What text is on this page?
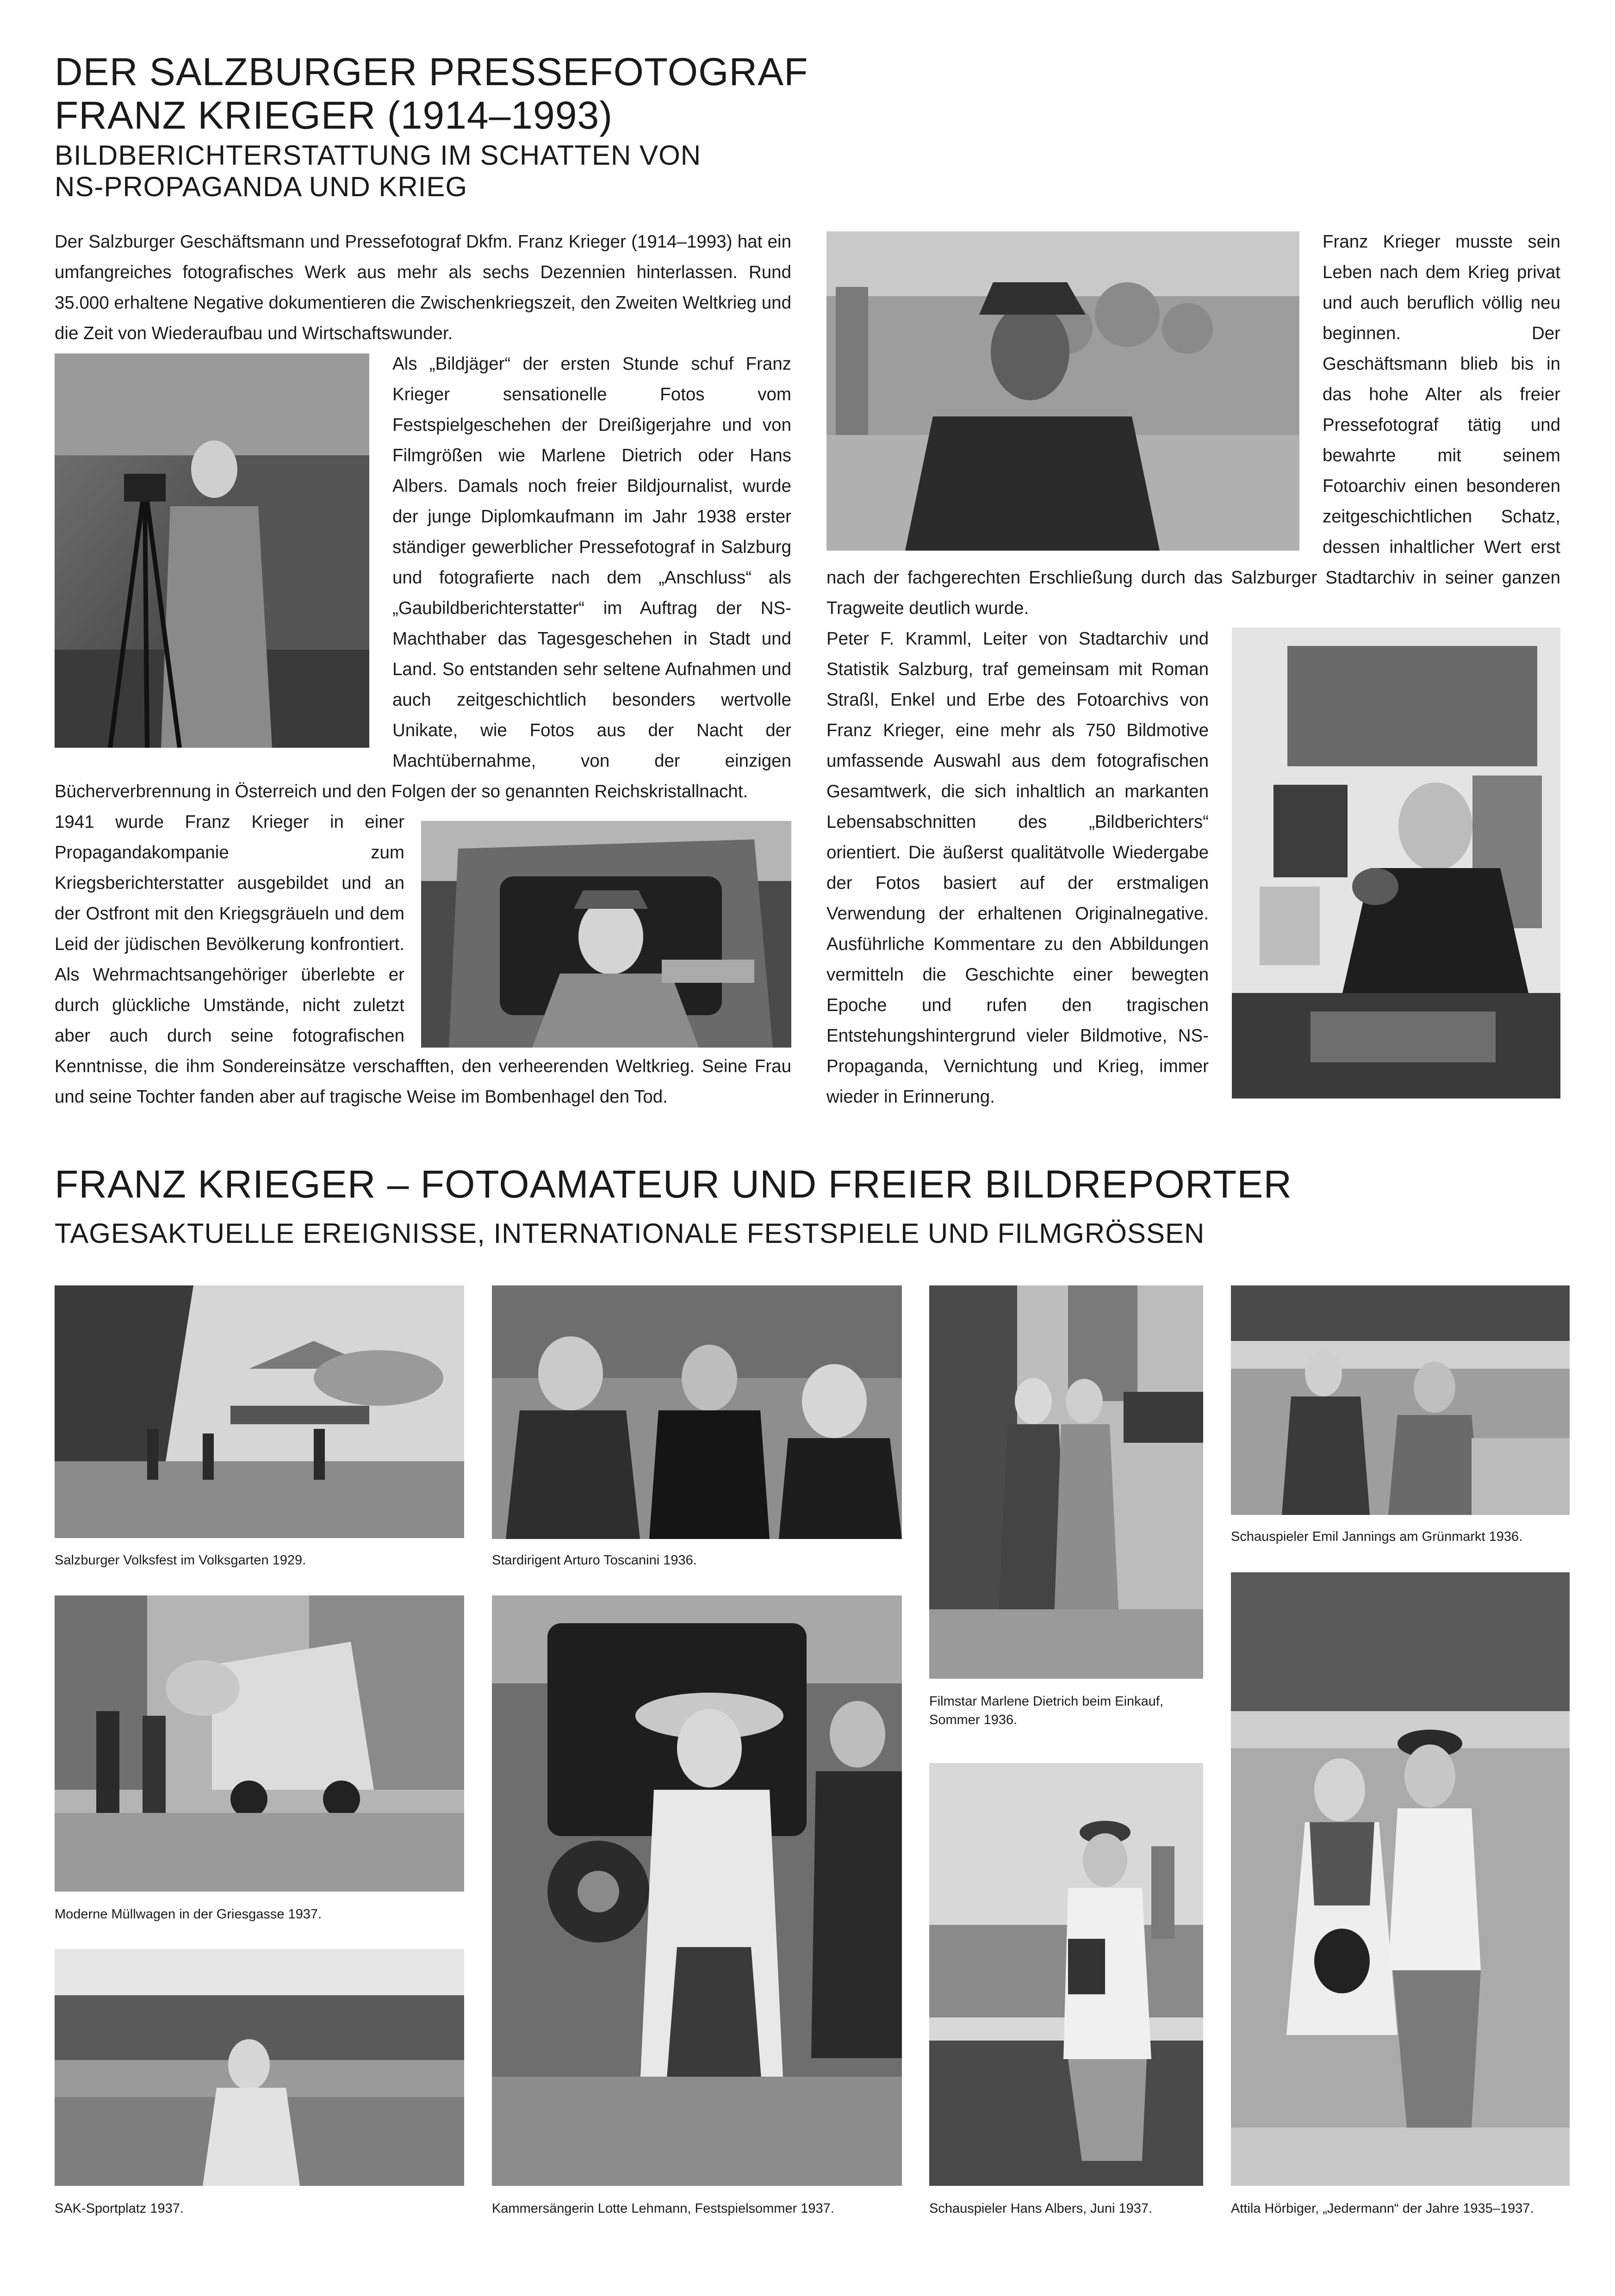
DER SALZBURGER PRESSEFOTOGRAF
FRANZ KRIEGER (1914–1993)
BILDBERICHTERSTATTUNG IM SCHATTEN VON
NS-PROPAGANDA UND KRIEG
Der Salzburger Geschäftsmann und Pressefotograf Dkfm. Franz Krieger (1914–1993) hat ein umfangreiches fotografisches Werk aus mehr als sechs Dezennien hinterlassen. Rund 35.000 erhaltene Negative dokumentieren die Zwischenkriegszeit, den Zweiten Weltkrieg und die Zeit von Wiederaufbau und Wirtschaftswunder.
Als „Bildjäger“ der ersten Stunde schuf Franz Krieger sensationelle Fotos vom Festspielgeschehen der Dreißigerjahre und von Filmgrößen wie Marlene Dietrich oder Hans Albers. Damals noch freier Bildjournalist, wurde der junge Diplomkaufmann im Jahr 1938 erster ständiger gewerblicher Pressefotograf in Salzburg und fotografierte nach dem „Anschluss“ als „Gaubildberichterstatter“ im Auftrag der NS-Machthaber das Tagesgeschehen in Stadt und Land. So entstanden sehr seltene Aufnahmen und auch zeitgeschichtlich besonders wertvolle Unikate, wie Fotos aus der Nacht der Machtübernahme, von der einzigen Bücherverbrennung in Österreich und den Folgen der so genannten Reichskristallnacht.
1941 wurde Franz Krieger in einer Propagandakompanie zum Kriegsberichterstatter ausgebildet und an der Ostfront mit den Kriegsgräueln und dem Leid der jüdischen Bevölkerung konfrontiert. Als Wehrmachtsangehöriger überlebte er durch glückliche Umstände, nicht zuletzt aber auch durch seine fotografischen Kenntnisse, die ihm Sondereinsätze verschafften, den verheerenden Weltkrieg. Seine Frau und seine Tochter fanden aber auf tragische Weise im Bombenhagel den Tod.
Franz Krieger musste sein Leben nach dem Krieg privat und auch beruflich völlig neu beginnen. Der Geschäftsmann blieb bis in das hohe Alter als freier Pressefotograf tätig und bewahrte mit seinem Fotoarchiv einen besonderen zeitgeschichtlichen Schatz, dessen inhaltlicher Wert erst nach der fachgerechten Erschließung durch das Salzburger Stadtarchiv in seiner ganzen Tragweite deutlich wurde.
Peter F. Kramml, Leiter von Stadtarchiv und Statistik Salzburg, traf gemeinsam mit Roman Straßl, Enkel und Erbe des Fotoarchivs von Franz Krieger, eine mehr als 750 Bildmotive umfassende Auswahl aus dem fotografischen Gesamtwerk, die sich inhaltlich an markanten Lebensabschnitten des „Bildberichters“ orientiert. Die äußerst qualitätvolle Wiedergabe der Fotos basiert auf der erstmaligen Verwendung der erhaltenen Originalnegative. Ausführliche Kommentare zu den Abbildungen vermitteln die Geschichte einer bewegten Epoche und rufen den tragischen Entstehungshintergrund vieler Bildmotive, NS-Propaganda, Vernichtung und Krieg, immer wieder in Erinnerung.
FRANZ KRIEGER – FOTOAMATEUR UND FREIER BILDREPORTER
TAGESAKTUELLE EREIGNISSE, INTERNATIONALE FESTSPIELE UND FILMGRÖSSEN
Salzburger Volksfest im Volksgarten 1929.	Stardirigent Arturo Toscanini 1936.
Filmstar Marlene Dietrich beim Einkauf,
Sommer 1936.
Schauspieler Emil Jannings am Grünmarkt 1936.
Moderne Müllwagen in der Griesgasse 1937.
Kammersängerin Lotte Lehmann, Festspielsommer 1937.	Attila Hörbiger, „Jedermann“ der Jahre 1935–1937.
SAK-Sportplatz 1937.	Schauspieler Hans Albers, Juni 1937.
